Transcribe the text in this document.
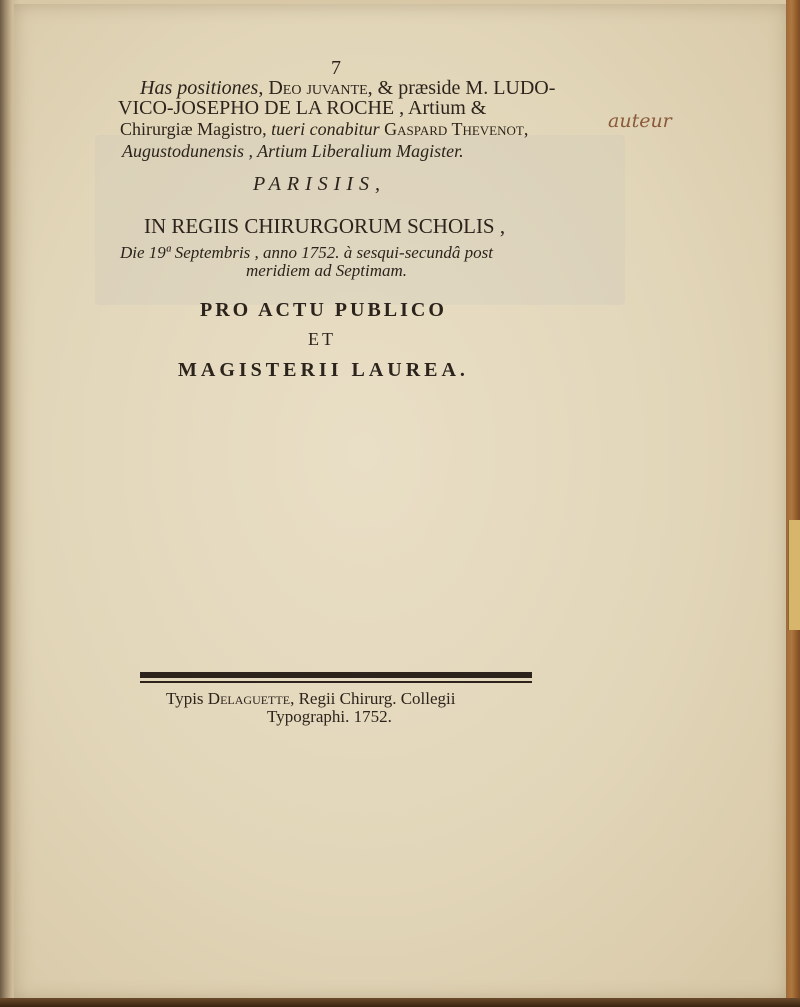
7
Has positiones, Deo juvante, & præside M. LUDO-
VICO-JOSEPHO DE LA ROCHE , Artium &
Chirurgiæ Magistro, tueri conabitur Gaspard Thevenot,
Augustodunensis , Artium Liberalium Magister.
auteur
PARISIIS,
IN REGIIS CHIRURGORUM SCHOLIS ,
Die 19ª Septembris , anno 1752. à sesqui-secundâ post
meridiem ad Septimam.
PRO ACTU PUBLICO
ET
MAGISTERII LAUREA.
Typis Delaguette, Regii Chirurg. Collegii
Typographi. 1752.
